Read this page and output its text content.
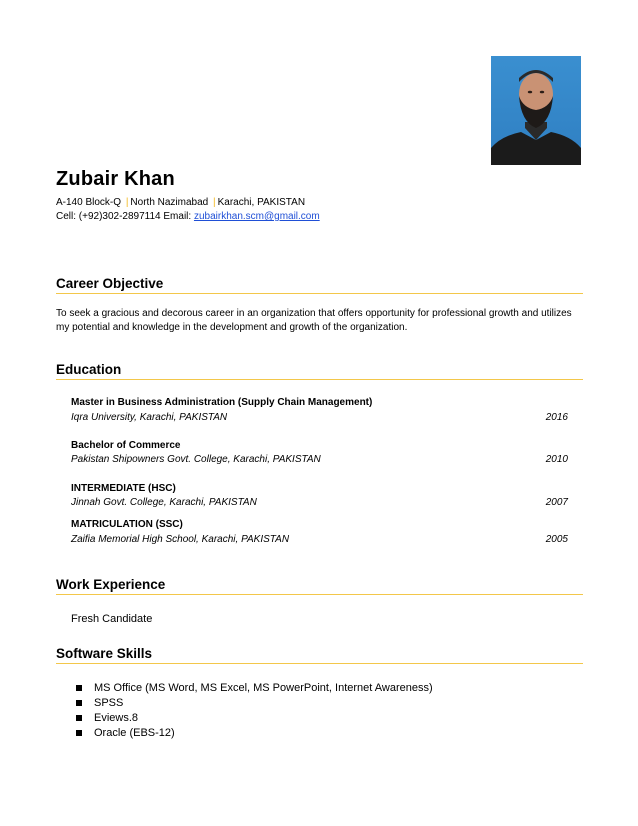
Zubair Khan
A-140 Block-Q | North Nazimabad | Karachi, PAKISTAN
Cell: (+92)302-2897114 Email: zubairkhan.scm@gmail.com
Career Objective
To seek a gracious and decorous career in an organization that offers opportunity for professional growth and utilizes my potential and knowledge in the development and growth of the organization.
Education
Master in Business Administration (Supply Chain Management)
Iqra University, Karachi, PAKISTAN	2016
Bachelor of Commerce
Pakistan Shipowners Govt. College, Karachi, PAKISTAN	2010
INTERMEDIATE (HSC)
Jinnah Govt. College, Karachi, PAKISTAN	2007
MATRICULATION (SSC)
Zaifia Memorial High School, Karachi, PAKISTAN	2005
Work Experience
Fresh Candidate
Software Skills
MS Office (MS Word, MS Excel, MS PowerPoint, Internet Awareness)
SPSS
Eviews.8
Oracle (EBS-12)
